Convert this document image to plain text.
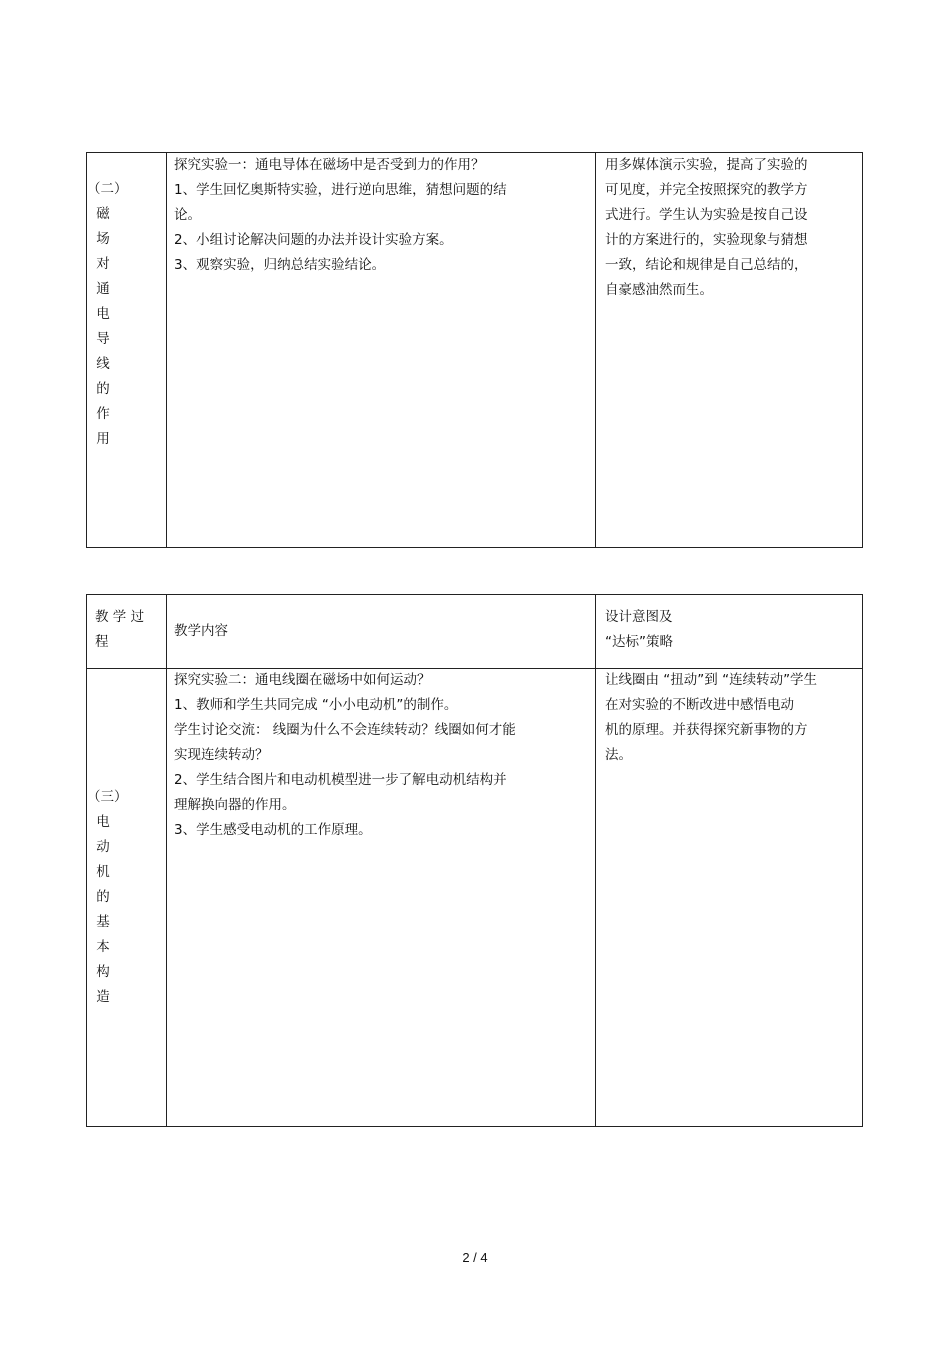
（二）
磁
场
对
通
电
导
线
的
作
用

探究实验一：通电导体在磁场中是否受到力的作用？

1、学生回忆奥斯特实验，进行逆向思维，猜想问题的结

论。

2、小组讨论解决问题的办法并设计实验方案。

3、观察实验，归纳总结实验结论。

用多媒体演示实验，提高了实验的

可见度，并完全按照探究的教学方

式进行。学生认为实验是按自己设

计的方案进行的，实验现象与猜想

一致，结论和规律是自己总结的，

自豪感油然而生。

教 学 过

程

教学内容

设计意图及

“达标”策略

（三）
电
动
机
的
基
本
构
造

探究实验二：通电线圈在磁场中如何运动？

1、教师和学生共同完成 “小小电动机”的制作。

学生讨论交流： 线圈为什么不会连续转动？线圈如何才能

实现连续转动？

2、学生结合图片和电动机模型进一步了解电动机结构并

理解换向器的作用。

3、学生感受电动机的工作原理。

让线圈由 “扭动”到 “连续转动”学生

在对实验的不断改进中感悟电动

机的原理。并获得探究新事物的方

法。

2 / 4
